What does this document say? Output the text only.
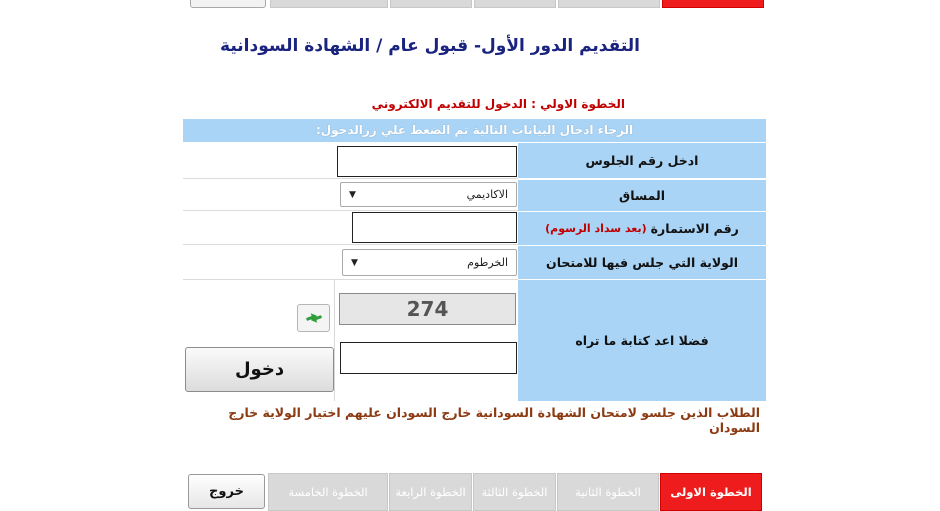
التقديم الدور الأول- قبول عام / الشهادة السودانية
الخطوة الاولي : الدخول للتقديم الالكتروني
الرجاء ادخال البيانات التالية ثم الضغط علي زرالدخول:
ادخل رقم الجلوس
المساق
الاكاديمي
▼
رقم الاستمارة
(بعد سداد الرسوم)
الولاية التي جلس فيها للامتحان
الخرطوم
▼
فضلا اعد كتابة ما تراه
274
دخول
الطلاب الذين جلسو لامتحان الشهادة السودانية خارج السودان عليهم اختيار الولاية خارج السودان
الخطوة الاولى
الخطوة الثانية
الخطوة الثالثة
الخطوة الرابعة
الخطوة الخامسة
خروج
